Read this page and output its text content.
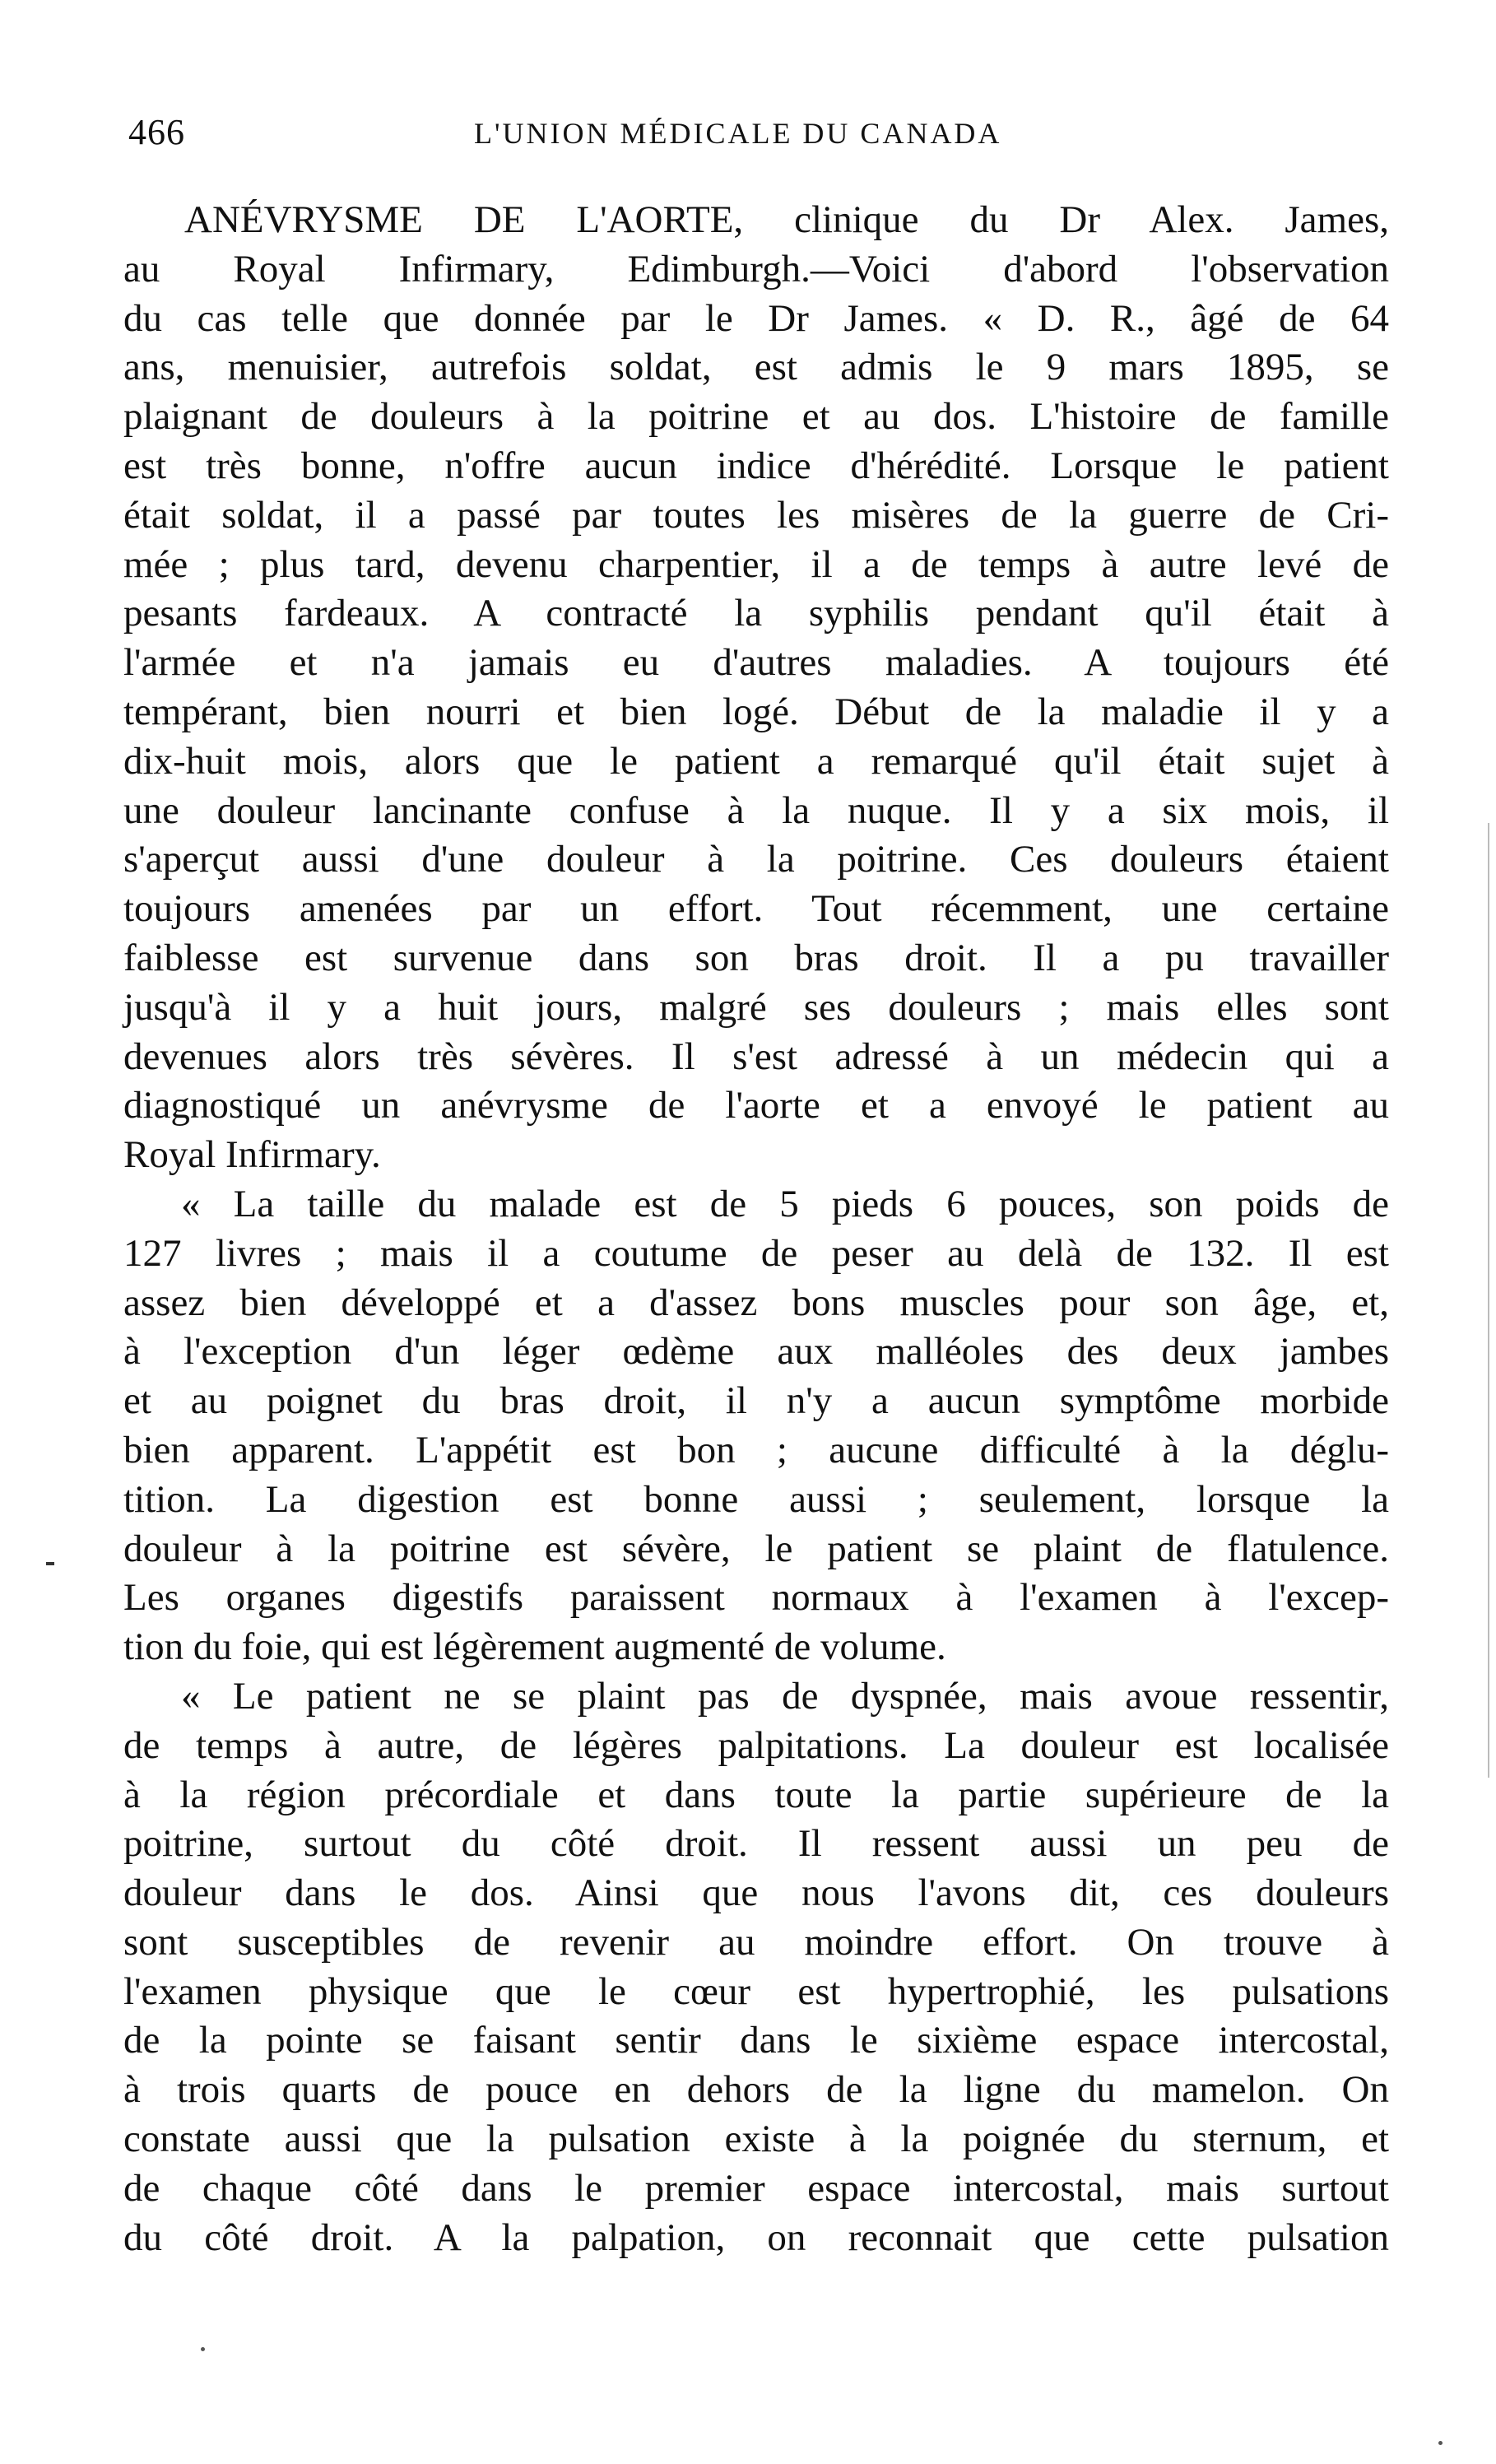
466	L'UNION MÉDICALE DU CANADA
ANÉVRYSME DE L'AORTE, clinique du Dr Alex. James,
au Royal Infirmary, Edimburgh.—Voici d'abord l'observation
du cas telle que donnée par le Dr James. « D. R., âgé de 64
ans, menuisier, autrefois soldat, est admis le 9 mars 1895, se
plaignant de douleurs à la poitrine et au dos. L'histoire de famille
est très bonne, n'offre aucun indice d'hérédité. Lorsque le patient
était soldat, il a passé par toutes les misères de la guerre de Cri-
mée ; plus tard, devenu charpentier, il a de temps à autre levé de
pesants fardeaux. A contracté la syphilis pendant qu'il était à
l'armée et n'a jamais eu d'autres maladies. A toujours été
tempérant, bien nourri et bien logé. Début de la maladie il y a
dix-huit mois, alors que le patient a remarqué qu'il était sujet à
une douleur lancinante confuse à la nuque. Il y a six mois, il
s'aperçut aussi d'une douleur à la poitrine. Ces douleurs étaient
toujours amenées par un effort. Tout récemment, une certaine
faiblesse est survenue dans son bras droit. Il a pu travailler
jusqu'à il y a huit jours, malgré ses douleurs ; mais elles sont
devenues alors très sévères. Il s'est adressé à un médecin qui a
diagnostiqué un anévrysme de l'aorte et a envoyé le patient au
Royal Infirmary.
« La taille du malade est de 5 pieds 6 pouces, son poids de
127 livres ; mais il a coutume de peser au delà de 132. Il est
assez bien développé et a d'assez bons muscles pour son âge, et,
à l'exception d'un léger œdème aux malléoles des deux jambes
et au poignet du bras droit, il n'y a aucun symptôme morbide
bien apparent. L'appétit est bon ; aucune difficulté à la déglu-
tition. La digestion est bonne aussi ; seulement, lorsque la
douleur à la poitrine est sévère, le patient se plaint de flatulence.
Les organes digestifs paraissent normaux à l'examen à l'excep-
tion du foie, qui est légèrement augmenté de volume.
« Le patient ne se plaint pas de dyspnée, mais avoue ressentir,
de temps à autre, de légères palpitations. La douleur est localisée
à la région précordiale et dans toute la partie supérieure de la
poitrine, surtout du côté droit. Il ressent aussi un peu de
douleur dans le dos. Ainsi que nous l'avons dit, ces douleurs
sont susceptibles de revenir au moindre effort. On trouve à
l'examen physique que le cœur est hypertrophié, les pulsations
de la pointe se faisant sentir dans le sixième espace intercostal,
à trois quarts de pouce en dehors de la ligne du mamelon. On
constate aussi que la pulsation existe à la poignée du sternum, et
de chaque côté dans le premier espace intercostal, mais surtout
du côté droit. A la palpation, on reconnait que cette pulsation
